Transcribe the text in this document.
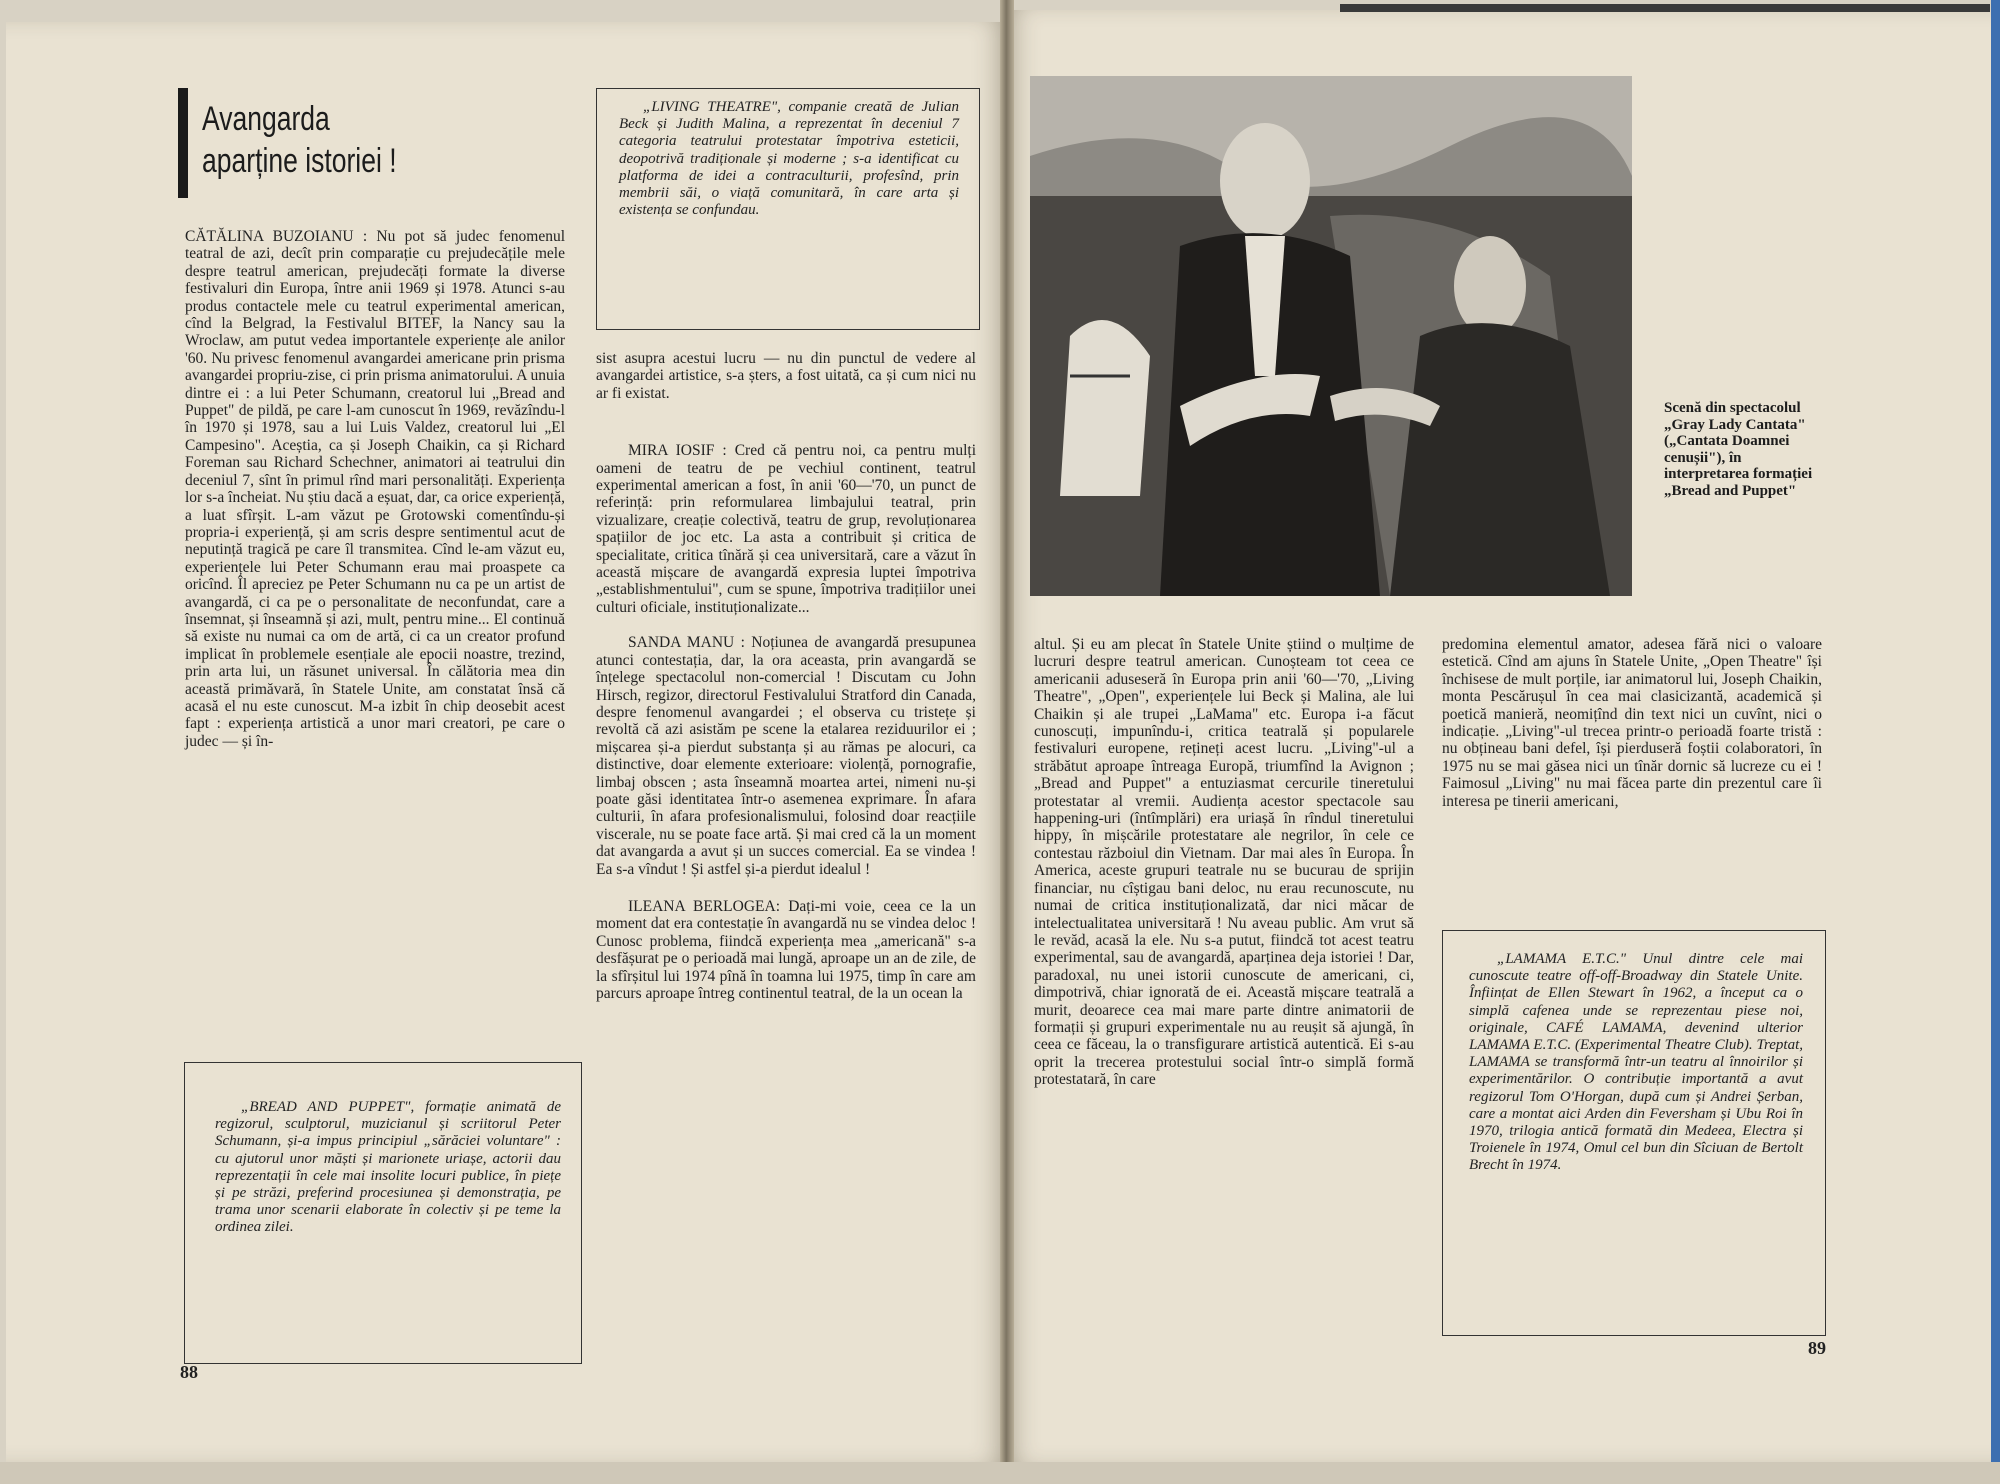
Avangarda
aparține istoriei !

CĂTĂLINA BUZOIANU : Nu pot să judec fenomenul teatral de azi, decît prin comparație cu prejudecățile mele despre teatrul american, prejudecăți formate la diverse festivaluri din Europa, între anii 1969 și 1978. Atunci s-au produs contactele mele cu teatrul experimental american, cînd la Belgrad, la Festivalul BITEF, la Nancy sau la Wroclaw, am putut vedea importantele experiențe ale anilor '60. Nu privesc fenomenul avangardei americane prin prisma avangardei propriu-zise, ci prin prisma animatorului. A unuia dintre ei : a lui Peter Schumann, creatorul lui „Bread and Puppet" de pildă, pe care l-am cunoscut în 1969, revăzîndu-l în 1970 și 1978, sau a lui Luis Valdez, creatorul lui „El Campesino". Aceștia, ca și Joseph Chaikin, ca și Richard Foreman sau Richard Schechner, animatori ai teatrului din deceniul 7, sînt în primul rînd mari personalități. Experiența lor s-a încheiat. Nu știu dacă a eșuat, dar, ca orice experiență, a luat sfîrșit. L-am văzut pe Grotowski comentîndu-și propria-i experiență, și am scris despre sentimentul acut de neputință tragică pe care îl transmitea. Cînd le-am văzut eu, experiențele lui Peter Schumann erau mai proaspete ca oricînd. Îl apreciez pe Peter Schumann nu ca pe un artist de avangardă, ci ca pe o personalitate de neconfundat, care a însemnat, și înseamnă și azi, mult, pentru mine... El continuă să existe nu numai ca om de artă, ci ca un creator profund implicat în problemele esențiale ale epocii noastre, trezind, prin arta lui, un răsunet universal. În călătoria mea din această primăvară, în Statele Unite, am constatat însă că acasă el nu este cunoscut. M-a izbit în chip deosebit acest fapt : experiența artistică a unor mari creatori, pe care o judec — și în-

„BREAD AND PUPPET", formație animată de regizorul, sculptorul, muzicianul și scriitorul Peter Schumann, și-a impus principiul „sărăciei voluntare" : cu ajutorul unor măști și marionete uriașe, actorii dau reprezentații în cele mai insolite locuri publice, în piețe și pe străzi, preferind procesiunea și demonstrația, pe trama unor scenarii elaborate în colectiv și pe teme la ordinea zilei.

„LIVING THEATRE", companie creată de Julian Beck și Judith Malina, a reprezentat în deceniul 7 categoria teatrului protestatar împotriva esteticii, deopotrivă tradiționale și moderne ; s-a identificat cu platforma de idei a contraculturii, profesînd, prin membrii săi, o viață comunitară, în care arta și existența se confundau.

sist asupra acestui lucru — nu din punctul de vedere al avangardei artistice, s-a șters, a fost uitată, ca și cum nici nu ar fi existat.

MIRA IOSIF : Cred că pentru noi, ca pentru mulți oameni de teatru de pe vechiul continent, teatrul experimental american a fost, în anii '60—'70, un punct de referință: prin reformularea limbajului teatral, prin vizualizare, creație colectivă, teatru de grup, revoluționarea spațiilor de joc etc. La asta a contribuit și critica de specialitate, critica tînără și cea universitară, care a văzut în această mișcare de avangardă expresia luptei împotriva „establishmentului", cum se spune, împotriva tradițiilor unei culturi oficiale, instituționalizate...

SANDA MANU : Noțiunea de avangardă presupunea atunci contestația, dar, la ora aceasta, prin avangardă se înțelege spectacolul non-comercial ! Discutam cu John Hirsch, regizor, directorul Festivalului Stratford din Canada, despre fenomenul avangardei ; el observa cu tristețe și revoltă că azi asistăm pe scene la etalarea reziduurilor ei ; mișcarea și-a pierdut substanța și au rămas pe alocuri, ca distinctive, doar elemente exterioare: violență, pornografie, limbaj obscen ; asta înseamnă moartea artei, nimeni nu-și poate găsi identitatea într-o asemenea exprimare. În afara culturii, în afara profesionalismului, folosind doar reacțiile viscerale, nu se poate face artă. Și mai cred că la un moment dat avangarda a avut și un succes comercial. Ea se vindea ! Ea s-a vîndut ! Și astfel și-a pierdut idealul !

ILEANA BERLOGEA: Dați-mi voie, ceea ce la un moment dat era contestație în avangardă nu se vindea deloc ! Cunosc problema, fiindcă experiența mea „americană" s-a desfășurat pe o perioadă mai lungă, aproape un an de zile, de la sfîrșitul lui 1974 pînă în toamna lui 1975, timp în care am parcurs aproape întreg continentul teatral, de la un ocean la

88
Scenă din spectacolul „Gray Lady Cantata" („Cantata Doamnei cenușii"), în interpretarea formației „Bread and Puppet"

altul. Și eu am plecat în Statele Unite știind o mulțime de lucruri despre teatrul american. Cunoșteam tot ceea ce americanii aduseseră în Europa prin anii '60—'70, „Living Theatre", „Open", experiențele lui Beck și Malina, ale lui Chaikin și ale trupei „LaMama" etc. Europa i-a făcut cunoscuți, impunîndu-i, critica teatrală și popularele festivaluri europene, rețineți acest lucru. „Living"-ul a străbătut aproape întreaga Europă, triumfînd la Avignon ; „Bread and Puppet" a entuziasmat cercurile tineretului protestatar al vremii. Audiența acestor spectacole sau happening-uri (întîmplări) era uriașă în rîndul tineretului hippy, în mișcările protestatare ale negrilor, în cele ce contestau războiul din Vietnam. Dar mai ales în Europa. În America, aceste grupuri teatrale nu se bucurau de sprijin financiar, nu cîștigau bani deloc, nu erau recunoscute, nu numai de critica instituționalizată, dar nici măcar de intelectualitatea universitară ! Nu aveau public. Am vrut să le revăd, acasă la ele. Nu s-a putut, fiindcă tot acest teatru experimental, sau de avangardă, aparținea deja istoriei ! Dar, paradoxal, nu unei istorii cunoscute de americani, ci, dimpotrivă, chiar ignorată de ei. Această mișcare teatrală a murit, deoarece cea mai mare parte dintre animatorii de formații și grupuri experimentale nu au reușit să ajungă, în ceea ce făceau, la o transfigurare artistică autentică. Ei s-au oprit la trecerea protestului social într-o simplă formă protestatară, în care

predomina elementul amator, adesea fără nici o valoare estetică. Cînd am ajuns în Statele Unite, „Open Theatre" își închisese de mult porțile, iar animatorul lui, Joseph Chaikin, monta Pescărușul în cea mai clasicizantă, academică și poetică manieră, neomițînd din text nici un cuvînt, nici o indicație. „Living"-ul trecea printr-o perioadă foarte tristă : nu obțineau bani defel, își pierduseră foștii colaboratori, în 1975 nu se mai găsea nici un tînăr dornic să lucreze cu ei ! Faimosul „Living" nu mai făcea parte din prezentul care îi interesa pe tinerii americani,

„LAMAMA E.T.C." Unul dintre cele mai cunoscute teatre off-off-Broadway din Statele Unite. Înființat de Ellen Stewart în 1962, a început ca o simplă cafenea unde se reprezentau piese noi, originale, CAFÉ LAMAMA, devenind ulterior LAMAMA E.T.C. (Experimental Theatre Club). Treptat, LAMAMA se transformă într-un teatru al înnoirilor și experimentărilor. O contribuție importantă a avut regizorul Tom O'Horgan, după cum și Andrei Șerban, care a montat aici Arden din Feversham și Ubu Roi în 1970, trilogia antică formată din Medeea, Electra și Troienele în 1974, Omul cel bun din Sîciuan de Bertolt Brecht în 1974.

89
